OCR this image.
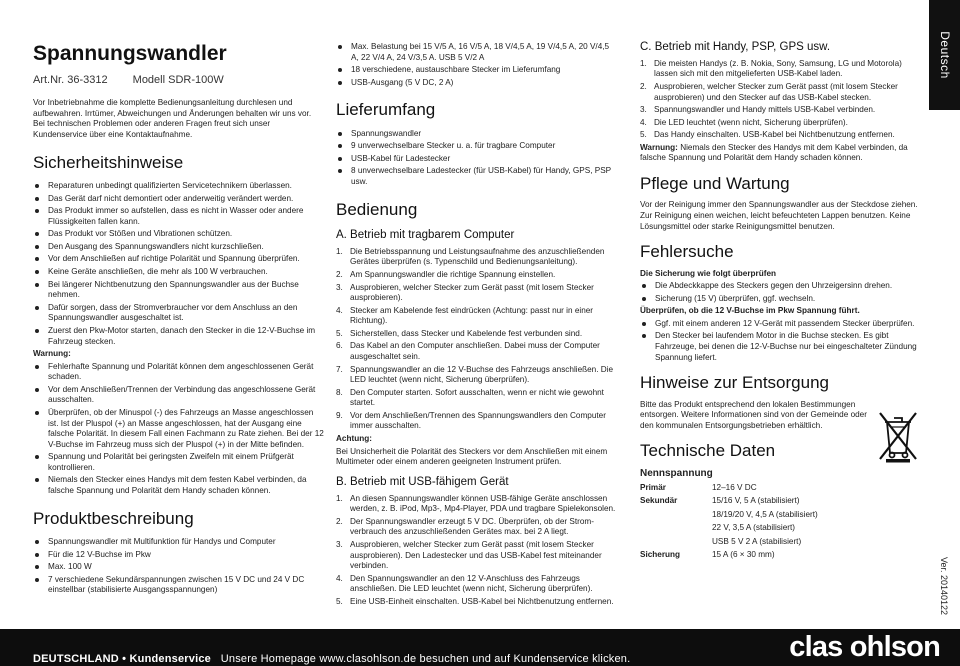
Deutsch
Spannungswandler
Art.Nr. 36-3312 Modell SDR-100W

Vor Inbetriebnahme die komplette Bedienungsanleitung durchlesen und aufbewahren. Irrtümer, Abweichungen und Änderungen behalten wir uns vor. Bei technischen Problemen oder anderen Fragen freut sich unser Kundenservice über eine Kontaktaufnahme.

Sicherheitshinweise
Reparaturen unbedingt qualifizierten Servicetechnikern überlassen.
Das Gerät darf nicht demontiert oder anderweitig verändert werden.
Das Produkt immer so aufstellen, dass es nicht in Wasser oder andere Flüssigkeiten fallen kann.
Das Produkt vor Stößen und Vibrationen schützen.
Den Ausgang des Spannungswandlers nicht kurzschließen.
Vor dem Anschließen auf richtige Polarität und Spannung überprüfen.
Keine Geräte anschließen, die mehr als 100 W verbrauchen.
Bei längerer Nichtbenutzung den Spannungswandler aus der Buchse nehmen.
Dafür sorgen, dass der Stromverbraucher vor dem Anschluss an den Spannungswandler ausgeschaltet ist.
Zuerst den Pkw-Motor starten, danach den Stecker in die 12-V-Buchse im Fahrzeug stecken.

Warnung:

Fehlerhafte Spannung und Polarität können dem angeschlossenen Gerät schaden.
Vor dem Anschließen/Trennen der Verbindung das angeschlossene Gerät ausschalten.
Überprüfen, ob der Minuspol (-) des Fahrzeugs an Masse angeschlossen ist. Ist der Pluspol (+) an Masse angeschlossen, hat der Ausgang eine falsche Polarität. In diesem Fall einen Fachmann zu Rate ziehen. Bei der 12 V-Buchse im Fahrzeug muss sich der Pluspol (+) in der Mitte befinden.
Spannung und Polarität bei geringsten Zweifeln mit einem Prüfgerät kontrollieren.
Niemals den Stecker eines Handys mit dem festen Kabel verbinden, da falsche Spannung und Polarität dem Handy schaden können.
Produktbeschreibung
Spannungswandler mit Multifunktion für Handys und Computer
Für die 12 V-Buchse im Pkw
Max. 100 W
7 verschiedene Sekundärspannungen zwischen 15 V DC und 24 V DC einstellbar (stabilisierte Ausgangsspannungen)
Max. Belastung bei 15 V/5 A, 16 V/5 A, 18 V/4,5 A, 19 V/4,5 A, 20 V/4,5 A, 22 V/4 A, 24 V/3,5 A. USB 5 V/2 A
18 verschiedene, austauschbare Stecker im Lieferumfang
USB-Ausgang (5 V DC, 2 A)
Lieferumfang
Spannungswandler
9 unverwechselbare Stecker u. a. für tragbare Computer
USB-Kabel für Ladestecker
8 unverwechselbare Ladestecker (für USB-Kabel) für Handy, GPS, PSP usw.
Bedienung
A. Betrieb mit tragbarem Computer
1. Die Betriebsspannung und Leistungsaufnahme des anzuschließenden Gerätes überprüfen (s. Typenschild und Bedienungsanleitung).
2. Am Spannungswandler die richtige Spannung einstellen.
3. Ausprobieren, welcher Stecker zum Gerät passt (mit losem Stecker ausprobieren).
4. Stecker am Kabelende fest eindrücken (Achtung: passt nur in einer Richtung).
5. Sicherstellen, dass Stecker und Kabelende fest verbunden sind.
6. Das Kabel an den Computer anschließen. Dabei muss der Computer ausgeschaltet sein.
7. Spannungswandler an die 12 V-Buchse des Fahrzeugs anschließen. Die LED leuchtet (wenn nicht, Sicherung überprüfen).
8. Den Computer starten. Sofort ausschalten, wenn er nicht wie gewohnt startet.
9. Vor dem Anschließen/Trennen des Spannungswandlers den Computer immer ausschalten.

Achtung:

Bei Unsicherheit die Polarität des Steckers vor dem Anschließen mit einem Multimeter oder einem anderen geeigneten Instrument prüfen.

B. Betrieb mit USB-fähigem Gerät
1. An diesen Spannungswandler können USB-fähige Geräte anschlossen werden, z. B. iPod, Mp3-, Mp4-Player, PDA und tragbare Spielekonsolen.
2. Der Spannungswandler erzeugt 5 V DC. Überprüfen, ob der Strom-verbrauch des anzuschließenden Gerätes max. bei 2 A liegt.
3. Ausprobieren, welcher Stecker zum Gerät passt (mit losem Stecker ausprobieren). Den Ladestecker und das USB-Kabel fest miteinander verbinden.
4. Den Spannungswandler an den 12 V-Anschluss des Fahrzeugs anschließen. Die LED leuchtet (wenn nicht, Sicherung überprüfen).
5. Eine USB-Einheit einschalten. USB-Kabel bei Nichtbenutzung entfernen.
C. Betrieb mit Handy, PSP, GPS usw.
1. Die meisten Handys (z. B. Nokia, Sony, Samsung, LG und Motorola) lassen sich mit den mitgelieferten USB-Kabel laden.
2. Ausprobieren, welcher Stecker zum Gerät passt (mit losem Stecker ausprobieren) und den Stecker auf das USB-Kabel stecken.
3. Spannungswandler und Handy mittels USB-Kabel verbinden.
4. Die LED leuchtet (wenn nicht, Sicherung überprüfen).
5. Das Handy einschalten. USB-Kabel bei Nichtbenutzung entfernen.

Warnung: Niemals den Stecker des Handys mit dem Kabel verbinden, da falsche Spannung und Polarität dem Handy schaden können.

Pflege und Wartung

Vor der Reinigung immer den Spannungswandler aus der Steckdose ziehen. Zur Reinigung einen weichen, leicht befeuchteten Lappen benutzen. Keine Lösungsmittel oder starke Reinigungsmittel benutzen.

Fehlersuche

Die Sicherung wie folgt überprüfen

Die Abdeckkappe des Steckers gegen den Uhrzeigersinn drehen.
Sicherung (15 V) überprüfen, ggf. wechseln.

Überprüfen, ob die 12 V-Buchse im Pkw Spannung führt.

Ggf. mit einem anderen 12 V-Gerät mit passendem Stecker überprüfen.
Den Stecker bei laufendem Motor in die Buchse stecken. Es gibt Fahrzeuge, bei denen die 12-V-Buchse nur bei eingeschalteter Zündung Spannung liefert.
Hinweise zur Entsorgung

Bitte das Produkt entsprechend den lokalen Bestimmungen entsorgen. Weitere Informationen sind von der Gemeinde oder den kommunalen Entsorgungsbetrieben erhältlich.

Technische Daten

Nennspannung

Primär	12–16 V DC
Sekundär	15/16 V, 5 A (stabilisiert)
18/19/20 V, 4,5 A (stabilisiert)
22 V, 3,5 A (stabilisiert)
USB 5 V 2 A (stabilisiert)
Sicherung	15 A (6 × 30 mm)
Ver. 20140122
DEUTSCHLAND • Kundenservice Unsere Homepage www.clasohlson.de besuchen und auf Kundenservice klicken.	clas ohlson
